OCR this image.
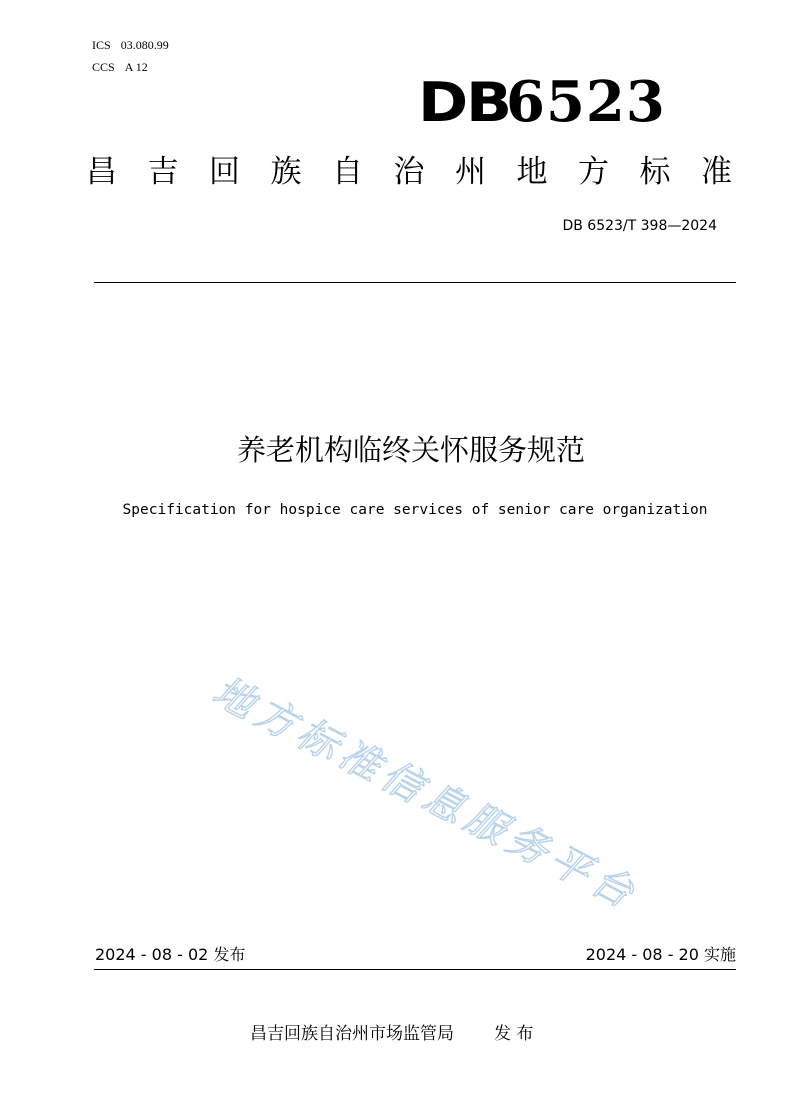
ICS 03.080.99
CCS A 12
DB
6523
昌 吉 回 族 自 治 州 地 方 标 准
DB 6523/T 398—2024
养老机构临终关怀服务规范
Specification for hospice care services of senior care organization
地
方
标
准
信
息
服
务
平
台
2024 - 08 - 02 发布	2024 - 08 - 20 实施
昌吉回族自治州市场监管局 发 布
